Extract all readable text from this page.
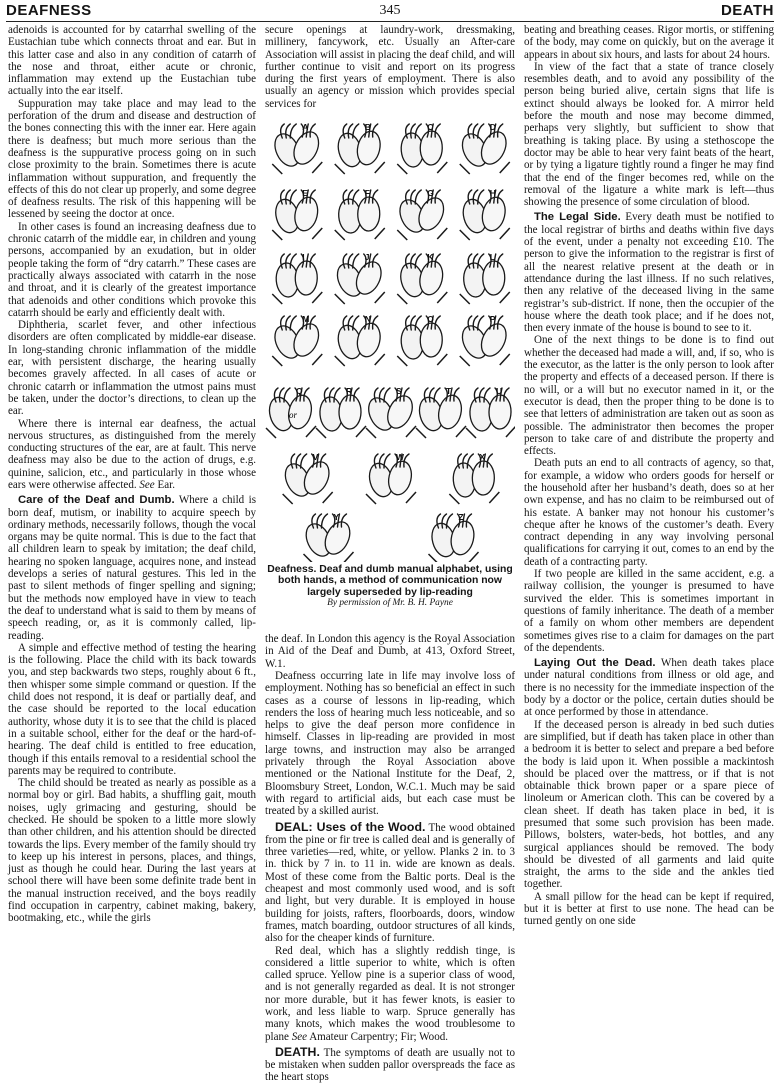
DEAFNESS	345	DEATH

adenoids is accounted for by catarrhal swelling of the Eustachian tube which connects throat and ear. But in this latter case and also in any condition of catarrh of the nose and throat, either acute or chronic, inflammation may extend up the Eustachian tube actually into the ear itself.

Suppuration may take place and may lead to the perforation of the drum and disease and destruction of the bones connecting this with the inner ear. Here again there is deafness; but much more serious than the deafness is the suppurative process going on in such close proximity to the brain. Sometimes there is acute inflammation without suppuration, and frequently the effects of this do not clear up properly, and some degree of deafness results. The risk of this happening will be lessened by seeing the doctor at once.

In other cases is found an increasing deafness due to chronic catarrh of the middle ear, in children and young persons, accompanied by an exudation, but in older people taking the form of “dry catarrh.” These cases are practically always associated with catarrh in the nose and throat, and it is clearly of the greatest importance that adenoids and other conditions which provoke this catarrh should be early and efficiently dealt with.

Diphtheria, scarlet fever, and other infectious disorders are often complicated by middle-ear disease. In long-standing chronic inflammation of the middle ear, with persistent discharge, the hearing usually becomes gravely affected. In all cases of acute or chronic catarrh or inflammation the utmost pains must be taken, under the doctor’s directions, to clean up the ear.

Where there is internal ear deafness, the actual nervous structures, as distinguished from the merely conducting structures of the ear, are at fault. This nerve deafness may also be due to the action of drugs, e.g. quinine, salicion, etc., and particularly in those whose ears were otherwise affected. See Ear.

Care of the Deaf and Dumb. Where a child is born deaf, mutism, or inability to acquire speech by ordinary methods, necessarily follows, though the vocal organs may be quite normal. This is due to the fact that all children learn to speak by imitation; the deaf child, hearing no spoken language, acquires none, and instead develops a series of natural gestures. This led in the past to silent methods of finger spelling and signing; but the methods now employed have in view to teach the deaf to understand what is said to them by means of speech reading, or, as it is commonly called, lip-reading.

A simple and effective method of testing the hearing is the following. Place the child with its back towards you, and step backwards two steps, roughly about 6 ft., then whisper some simple command or question. If the child does not respond, it is deaf or partially deaf, and the case should be reported to the local education authority, whose duty it is to see that the child is placed in a suitable school, either for the deaf or the hard-of-hearing. The deaf child is entitled to free education, though if this entails removal to a residential school the parents may be required to contribute.

The child should be treated as nearly as possible as a normal boy or girl. Bad habits, a shuffling gait, mouth noises, ugly grimacing and gesturing, should be checked. He should be spoken to a little more slowly than other children, and his attention should be directed towards the lips. Every member of the family should try to keep up his interest in persons, places, and things, just as though he could hear. During the last years at school there will have been some definite trade bent in the manual instruction received, and the boys readily find occupation in carpentry, cabinet making, bakery, bootmaking, etc., while the girls

secure openings at laundry-work, dressmaking, millinery, fancywork, etc. Usually an After-care Association will assist in placing the deaf child, and will further continue to visit and report on its progress during the first years of employment. There is also usually an agency or mission which provides special services for

A	B	C	D
E	F	G	H
I	J	K	L
M	N	O	P
Q	R	S	T	U
V	W	X
Y	Z
or
Deafness. Deaf and dumb manual alphabet, using both hands, a method of communication now largely superseded by lip-reading
By permission of Mr. B. H. Payne

the deaf. In London this agency is the Royal Association in Aid of the Deaf and Dumb, at 413, Oxford Street, W.1.

Deafness occurring late in life may involve loss of employment. Nothing has so beneficial an effect in such cases as a course of lessons in lip-reading, which renders the loss of hearing much less noticeable, and so helps to give the deaf person more confidence in himself. Classes in lip-reading are provided in most large towns, and instruction may also be arranged privately through the Royal Association above mentioned or the National Institute for the Deaf, 2, Bloomsbury Street, London, W.C.1. Much may be said with regard to artificial aids, but each case must be treated by a skilled aurist.

DEAL: Uses of the Wood. The wood obtained from the pine or fir tree is called deal and is generally of three varieties—red, white, or yellow. Planks 2 in. to 3 in. thick by 7 in. to 11 in. wide are known as deals. Most of these come from the Baltic ports. Deal is the cheapest and most commonly used wood, and is soft and light, but very durable. It is employed in house building for joists, rafters, floorboards, doors, window frames, match boarding, outdoor structures of all kinds, also for the cheaper kinds of furniture.

Red deal, which has a slightly reddish tinge, is considered a little superior to white, which is often called spruce. Yellow pine is a superior class of wood, and is not generally regarded as deal. It is not stronger nor more durable, but it has fewer knots, is easier to work, and less liable to warp. Spruce generally has many knots, which makes the wood troublesome to plane See Amateur Carpentry; Fir; Wood.

DEATH. The symptoms of death are usually not to be mistaken when sudden pallor overspreads the face as the heart stops

beating and breathing ceases. Rigor mortis, or stiffening of the body, may come on quickly, but on the average it appears in about six hours, and lasts for about 24 hours.

In view of the fact that a state of trance closely resembles death, and to avoid any possibility of the person being buried alive, certain signs that life is extinct should always be looked for. A mirror held before the mouth and nose may become dimmed, perhaps very slightly, but sufficient to show that breathing is taking place. By using a stethoscope the doctor may be able to hear very faint beats of the heart, or by tying a ligature tightly round a finger he may find that the end of the finger becomes red, while on the removal of the ligature a white mark is left—thus showing the presence of some circulation of blood.

The Legal Side. Every death must be notified to the local registrar of births and deaths within five days of the event, under a penalty not exceeding £10. The person to give the information to the registrar is first of all the nearest relative present at the death or in attendance during the last illness. If no such relatives, then any relative of the deceased living in the same registrar’s sub-district. If none, then the occupier of the house where the death took place; and if he does not, then every inmate of the house is bound to see to it.

One of the next things to be done is to find out whether the deceased had made a will, and, if so, who is the executor, as the latter is the only person to look after the property and effects of a deceased person. If there is no will, or a will but no executor named in it, or the executor is dead, then the proper thing to be done is to see that letters of administration are taken out as soon as possible. The administrator then becomes the proper person to take care of and distribute the property and effects.

Death puts an end to all contracts of agency, so that, for example, a widow who orders goods for herself or the household after her husband’s death, does so at her own expense, and has no claim to be reimbursed out of his estate. A banker may not honour his customer’s cheque after he knows of the customer’s death. Every contract depending in any way involving personal qualifications for carrying it out, comes to an end by the death of a contracting party.

If two people are killed in the same accident, e.g. a railway collision, the younger is presumed to have survived the elder. This is sometimes important in questions of family inheritance. The death of a member of a family on whom other members are dependent sometimes gives rise to a claim for damages on the part of the dependents.

Laying Out the Dead. When death takes place under natural conditions from illness or old age, and there is no necessity for the immediate inspection of the body by a doctor or the police, certain duties should be at once performed by those in attendance.

If the deceased person is already in bed such duties are simplified, but if death has taken place in other than a bedroom it is better to select and prepare a bed before the body is laid upon it. When possible a mackintosh should be placed over the mattress, or if that is not obtainable thick brown paper or a spare piece of linoleum or American cloth. This can be covered by a clean sheet. If death has taken place in bed, it is presumed that some such provision has been made. Pillows, bolsters, water-beds, hot bottles, and any surgical appliances should be removed. The body should be divested of all garments and laid quite straight, the arms to the side and the ankles tied together.

A small pillow for the head can be kept if required, but it is better at first to use none. The head can be turned gently on one side
